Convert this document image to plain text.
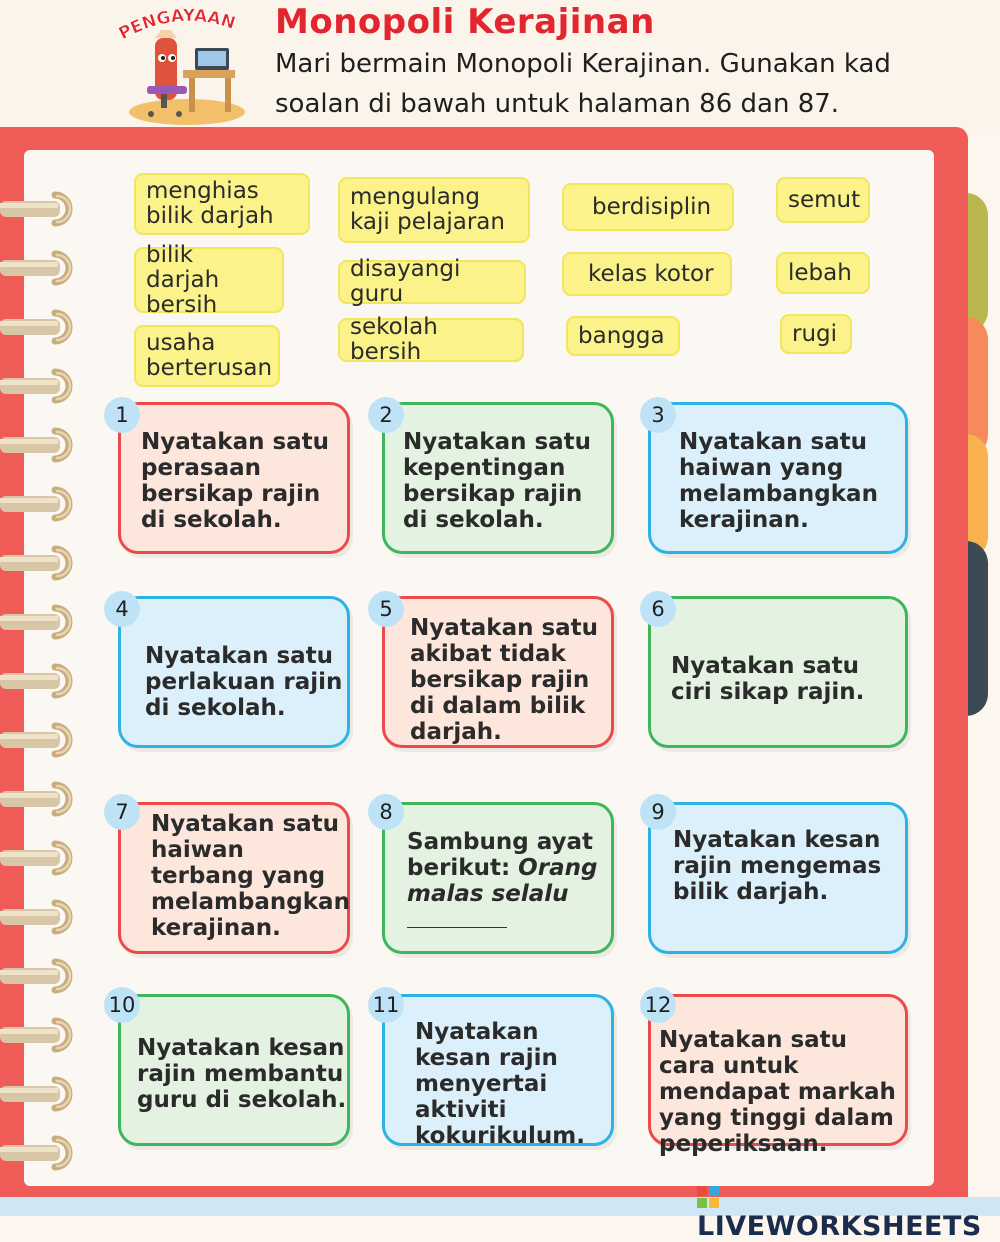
PENGAYAAN Monopoli Kerajinan
Mari bermain Monopoli Kerajinan. Gunakan kad
soalan di bawah untuk halaman 86 dan 87.
menghias bilik darjah
mengulang kaji pelajaran
berdisiplin	semut
bilik darjah bersih
disayangi guru
kelas kotor	lebah
usaha berterusan
sekolah bersih
bangga	rugi
Nyatakan satu perasaan bersikap rajin di sekolah.
1
Nyatakan satu kepentingan bersikap rajin di sekolah.
2
Nyatakan satu haiwan yang melambangkan kerajinan.
3
Nyatakan satu perlakuan rajin di sekolah.
4
Nyatakan satu akibat tidak bersikap rajin di dalam bilik darjah.
5
Nyatakan satu ciri sikap rajin.
6
Nyatakan satu haiwan terbang yang melambangkan kerajinan.
7
Sambung ayat berikut: Orang malas selalu
8
Nyatakan kesan rajin mengemas bilik darjah.
9
Nyatakan kesan rajin membantu guru di sekolah.
10
Nyatakan kesan rajin menyertai aktiviti kokurikulum.
11
Nyatakan satu cara untuk mendapat markah yang tinggi dalam peperiksaan.
12
LIVEWORKSHEETS
